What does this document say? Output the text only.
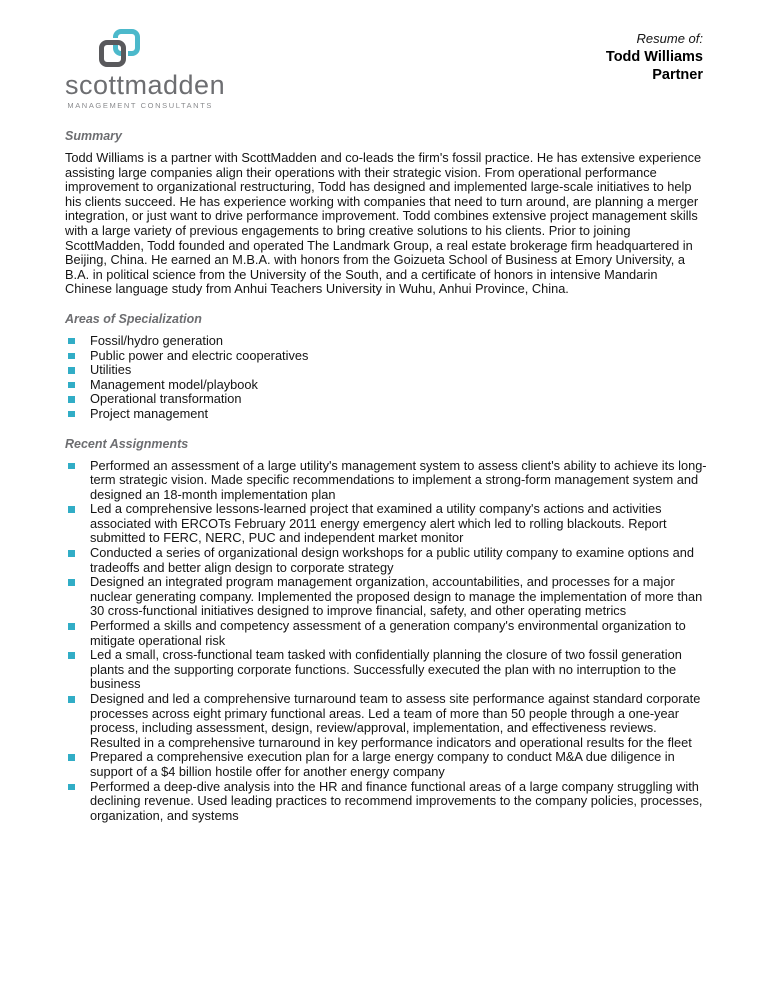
scottmadden
MANAGEMENT CONSULTANTS
Resume of:
Todd Williams
Partner
Summary

Todd Williams is a partner with ScottMadden and co-leads the firm's fossil practice. He has extensive experience assisting large companies align their operations with their strategic vision. From operational performance improvement to organizational restructuring, Todd has designed and implemented large-scale initiatives to help his clients succeed. He has experience working with companies that need to turn around, are planning a merger integration, or just want to drive performance improvement. Todd combines extensive project management skills with a large variety of previous engagements to bring creative solutions to his clients. Prior to joining ScottMadden, Todd founded and operated The Landmark Group, a real estate brokerage firm headquartered in Beijing, China. He earned an M.B.A. with honors from the Goizueta School of Business at Emory University, a B.A. in political science from the University of the South, and a certificate of honors in intensive Mandarin Chinese language study from Anhui Teachers University in Wuhu, Anhui Province, China.

Areas of Specialization
Fossil/hydro generation
Public power and electric cooperatives
Utilities
Management model/playbook
Operational transformation
Project management
Recent Assignments
Performed an assessment of a large utility's management system to assess client's ability to achieve its long-term strategic vision. Made specific recommendations to implement a strong-form management system and designed an 18-month implementation plan
Led a comprehensive lessons-learned project that examined a utility company's actions and activities associated with ERCOTs February 2011 energy emergency alert which led to rolling blackouts. Report submitted to FERC, NERC, PUC and independent market monitor
Conducted a series of organizational design workshops for a public utility company to examine options and tradeoffs and better align design to corporate strategy
Designed an integrated program management organization, accountabilities, and processes for a major nuclear generating company. Implemented the proposed design to manage the implementation of more than 30 cross-functional initiatives designed to improve financial, safety, and other operating metrics
Performed a skills and competency assessment of a generation company's environmental organization to mitigate operational risk
Led a small, cross-functional team tasked with confidentially planning the closure of two fossil generation plants and the supporting corporate functions. Successfully executed the plan with no interruption to the business
Designed and led a comprehensive turnaround team to assess site performance against standard corporate processes across eight primary functional areas. Led a team of more than 50 people through a one-year process, including assessment, design, review/approval, implementation, and effectiveness reviews. Resulted in a comprehensive turnaround in key performance indicators and operational results for the fleet
Prepared a comprehensive execution plan for a large energy company to conduct M&A due diligence in support of a $4 billion hostile offer for another energy company
Performed a deep-dive analysis into the HR and finance functional areas of a large company struggling with declining revenue. Used leading practices to recommend improvements to the company policies, processes, organization, and systems
